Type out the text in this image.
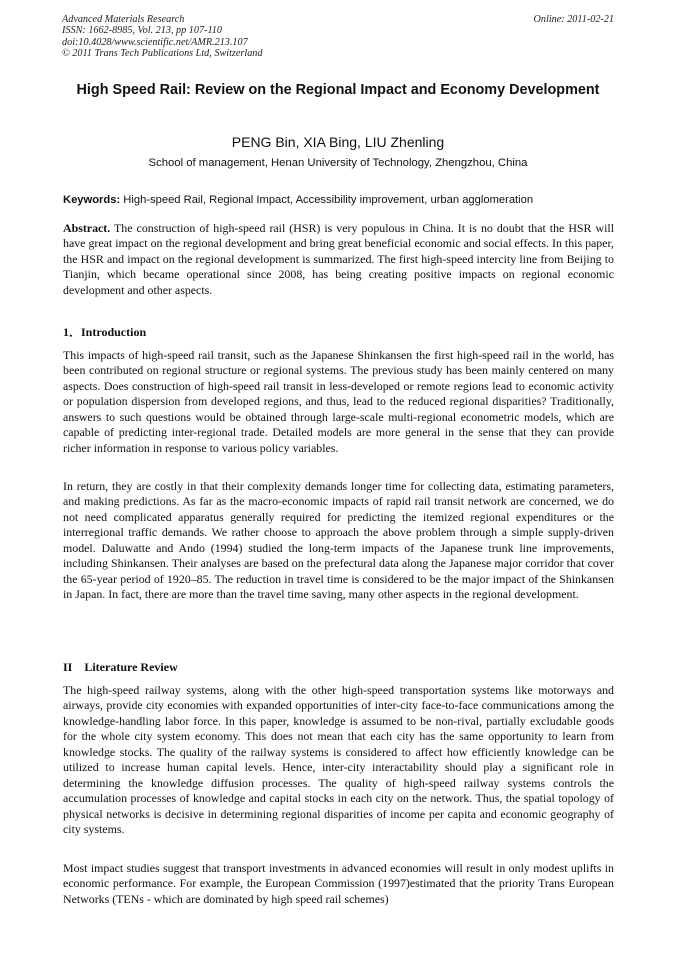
Advanced Materials Research
ISSN: 1662-8985, Vol. 213, pp 107-110
doi:10.4028/www.scientific.net/AMR.213.107
© 2011 Trans Tech Publications Ltd, Switzerland
Online: 2011-02-21
High Speed Rail: Review on the Regional Impact and Economy Development
PENG Bin, XIA Bing, LIU Zhenling
School of management, Henan University of Technology, Zhengzhou, China
Keywords: High-speed Rail, Regional Impact, Accessibility improvement, urban agglomeration

Abstract. The construction of high-speed rail (HSR) is very populous in China. It is no doubt that the HSR will have great impact on the regional development and bring great beneficial economic and social effects. In this paper, the HSR and impact on the regional development is summarized. The first high-speed intercity line from Beijing to Tianjin, which became operational since 2008, has being creating positive impacts on regional economic development and other aspects.

1．Introduction

This impacts of high-speed rail transit, such as the Japanese Shinkansen the first high-speed rail in the world, has been contributed on regional structure or regional systems. The previous study has been mainly centered on many aspects. Does construction of high-speed rail transit in less-developed or remote regions lead to economic activity or population dispersion from developed regions, and thus, lead to the reduced regional disparities? Traditionally, answers to such questions would be obtained through large-scale multi-regional econometric models, which are capable of predicting inter-regional trade. Detailed models are more general in the sense that they can provide richer information in response to various policy variables.

In return, they are costly in that their complexity demands longer time for collecting data, estimating parameters, and making predictions. As far as the macro-economic impacts of rapid rail transit network are concerned, we do not need complicated apparatus generally required for predicting the itemized regional expenditures or the interregional traffic demands. We rather choose to approach the above problem through a simple supply-driven model. Daluwatte and Ando (1994) studied the long-term impacts of the Japanese trunk line improvements, including Shinkansen. Their analyses are based on the prefectural data along the Japanese major corridor that cover the 65-year period of 1920–85. The reduction in travel time is considered to be the major impact of the Shinkansen in Japan. In fact, there are more than the travel time saving, many other aspects in the regional development.

II    Literature Review

The high-speed railway systems, along with the other high-speed transportation systems like motorways and airways, provide city economies with expanded opportunities of inter-city face-to-face communications among the knowledge-handling labor force. In this paper, knowledge is assumed to be non-rival, partially excludable goods for the whole city system economy. This does not mean that each city has the same opportunity to learn from knowledge stocks. The quality of the railway systems is considered to affect how efficiently knowledge can be utilized to increase human capital levels. Hence, inter-city interactability should play a significant role in determining the knowledge diffusion processes. The quality of high-speed railway systems controls the accumulation processes of knowledge and capital stocks in each city on the network. Thus, the spatial topology of physical networks is decisive in determining regional disparities of income per capita and economic geography of city systems.

Most impact studies suggest that transport investments in advanced economies will result in only modest uplifts in economic performance. For example, the European Commission (1997)estimated that the priority Trans European Networks (TENs - which are dominated by high speed rail schemes)
